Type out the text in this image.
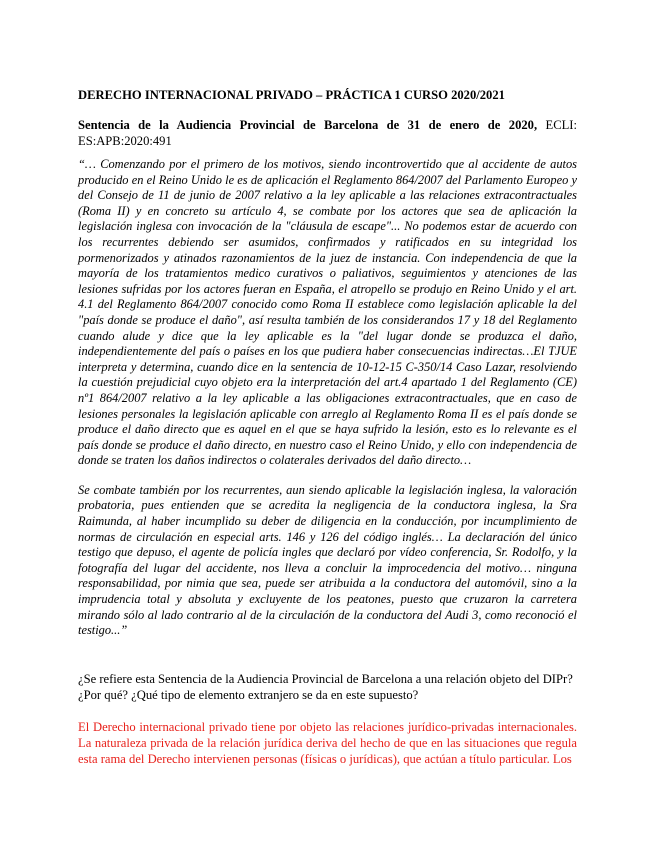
DERECHO INTERNACIONAL PRIVADO – PRÁCTICA 1 CURSO 2020/2021

Sentencia de la Audiencia Provincial de Barcelona de 31 de enero de 2020, ECLI: ES:APB:2020:491

“… Comenzando por el primero de los motivos, siendo incontrovertido que al accidente de autos producido en el Reino Unido le es de aplicación el Reglamento 864/2007 del Parlamento Europeo y del Consejo de 11 de junio de 2007 relativo a la ley aplicable a las relaciones extracontractuales (Roma II) y en concreto su artículo 4, se combate por los actores que sea de aplicación la legislación inglesa con invocación de la "cláusula de escape"... No podemos estar de acuerdo con los recurrentes debiendo ser asumidos, confirmados y ratificados en su integridad los pormenorizados y atinados razonamientos de la juez de instancia. Con independencia de que la mayoría de los tratamientos medico curativos o paliativos, seguimientos y atenciones de las lesiones sufridas por los actores fueran en España, el atropello se produjo en Reino Unido y el art. 4.1 del Reglamento 864/2007 conocido como Roma II establece como legislación aplicable la del "país donde se produce el daño", así resulta también de los considerandos 17 y 18 del Reglamento cuando alude y dice que la ley aplicable es la "del lugar donde se produzca el daño, independientemente del país o países en los que pudiera haber consecuencias indirectas…El TJUE interpreta y determina, cuando dice en la sentencia de 10-12-15 C-350/14 Caso Lazar, resolviendo la cuestión prejudicial cuyo objeto era la interpretación del art.4 apartado 1 del Reglamento (CE) nº1 864/2007 relativo a la ley aplicable a las obligaciones extracontractuales, que en caso de lesiones personales la legislación aplicable con arreglo al Reglamento Roma II es el país donde se produce el daño directo que es aquel en el que se haya sufrido la lesión, esto es lo relevante es el país donde se produce el daño directo, en nuestro caso el Reino Unido, y ello con independencia de donde se traten los daños indirectos o colaterales derivados del daño directo…

Se combate también por los recurrentes, aun siendo aplicable la legislación inglesa, la valoración probatoria, pues entienden que se acredita la negligencia de la conductora inglesa, la Sra Raimunda, al haber incumplido su deber de diligencia en la conducción, por incumplimiento de normas de circulación en especial arts. 146 y 126 del código inglés… La declaración del único testigo que depuso, el agente de policía ingles que declaró por vídeo conferencia, Sr. Rodolfo, y la fotografía del lugar del accidente, nos lleva a concluir la improcedencia del motivo… ninguna responsabilidad, por nimia que sea, puede ser atribuida a la conductora del automóvil, sino a la imprudencia total y absoluta y excluyente de los peatones, puesto que cruzaron la carretera mirando sólo al lado contrario al de la circulación de la conductora del Audi 3, como reconoció el testigo...”

¿Se refiere esta Sentencia de la Audiencia Provincial de Barcelona a una relación objeto del DIPr? ¿Por qué? ¿Qué tipo de elemento extranjero se da en este supuesto?

El Derecho internacional privado tiene por objeto las relaciones jurídico-privadas internacionales. La naturaleza privada de la relación jurídica deriva del hecho de que en las situaciones que regula esta rama del Derecho intervienen personas (físicas o jurídicas), que actúan a título particular. Los
